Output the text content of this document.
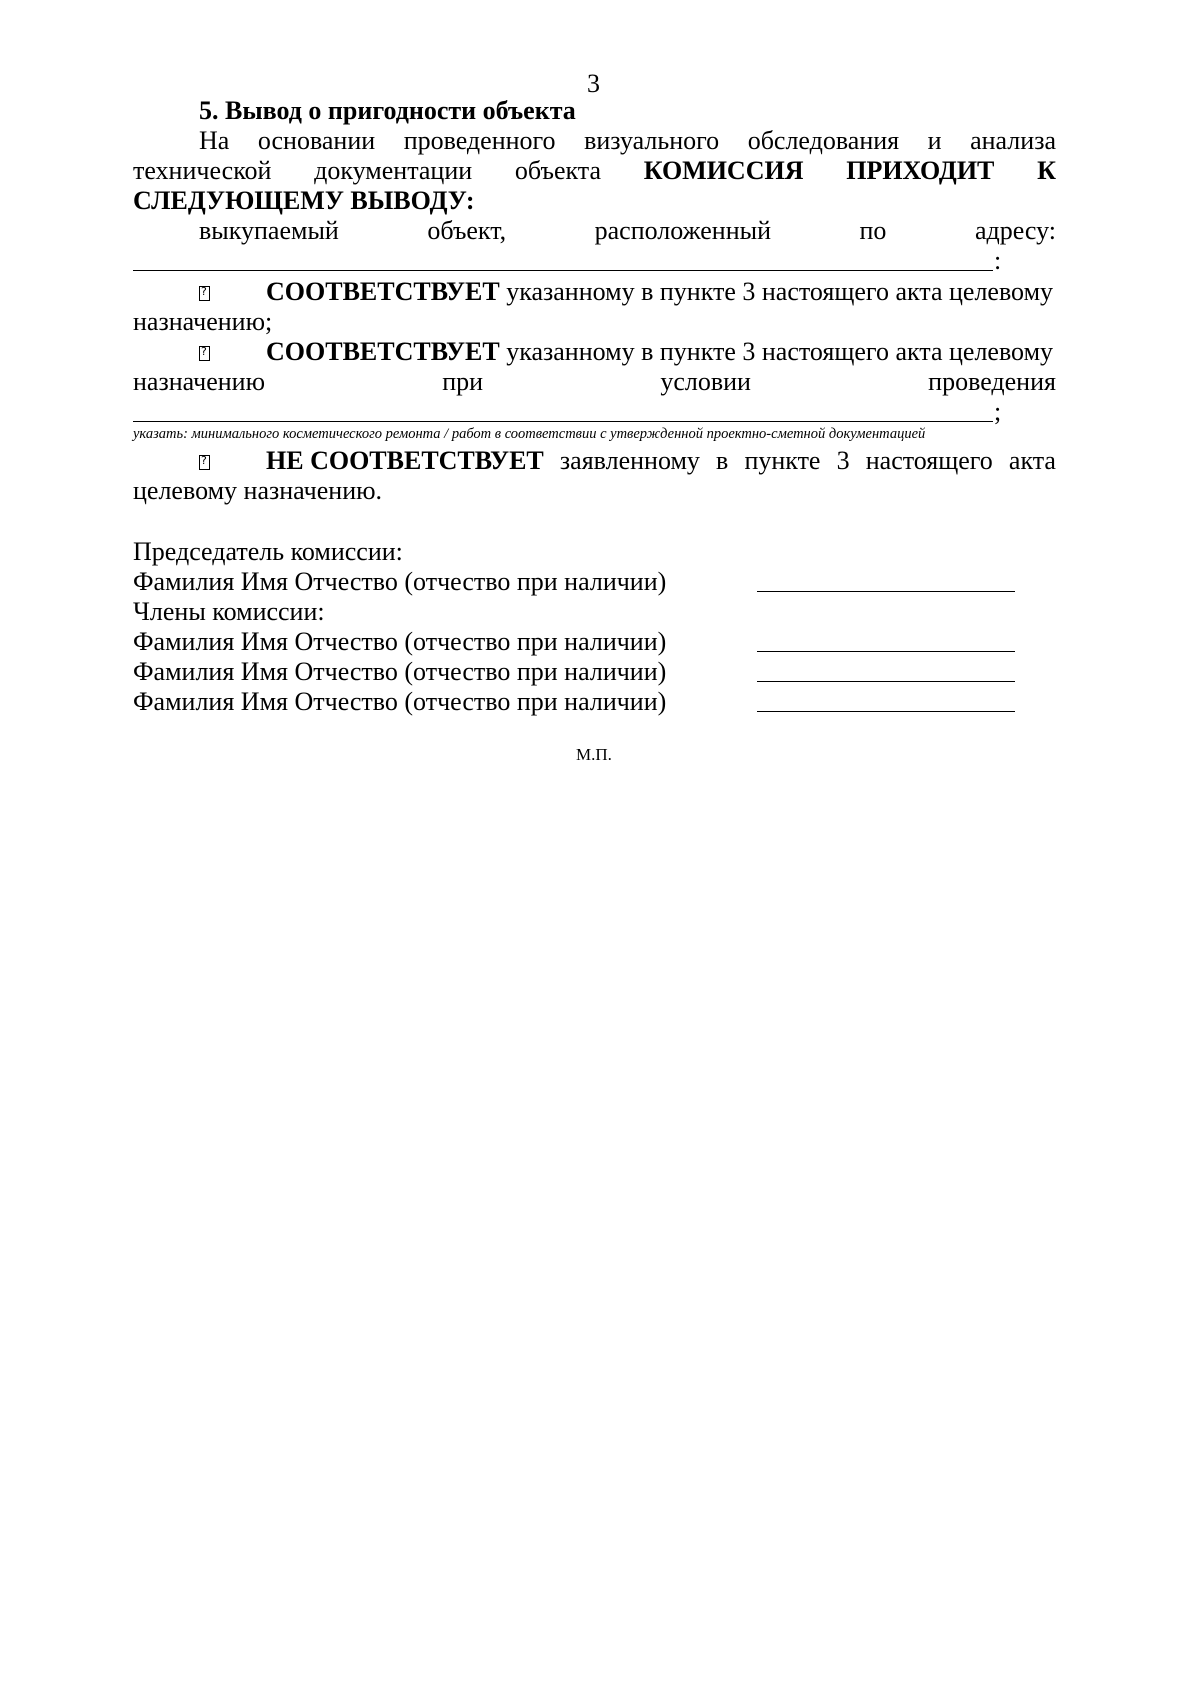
3
5. Вывод о пригодности объекта
На основании проведенного визуального обследования и анализа
технической документации объекта КОМИССИЯ ПРИХОДИТ К
СЛЕДУЮЩЕМУ ВЫВОДУ:
выкупаемый	объект,	расположенный	по	адресу:
:
?
СООТВЕТСТВУЕТ указанному в пункте 3 настоящего акта целевому
назначению;
?
СООТВЕТСТВУЕТ указанному в пункте 3 настоящего акта целевому
назначению	при	условии	проведения
;
указать: минимального косметического ремонта / работ в соответствии с утвержденной проектно-сметной документацией
?
НЕ СООТВЕТСТВУЕТ заявленному в пункте 3 настоящего акта
целевому назначению.
Председатель комиссии:
Фамилия Имя Отчество (отчество при наличии)
Члены комиссии:
Фамилия Имя Отчество (отчество при наличии)
Фамилия Имя Отчество (отчество при наличии)
Фамилия Имя Отчество (отчество при наличии)
М.П.
